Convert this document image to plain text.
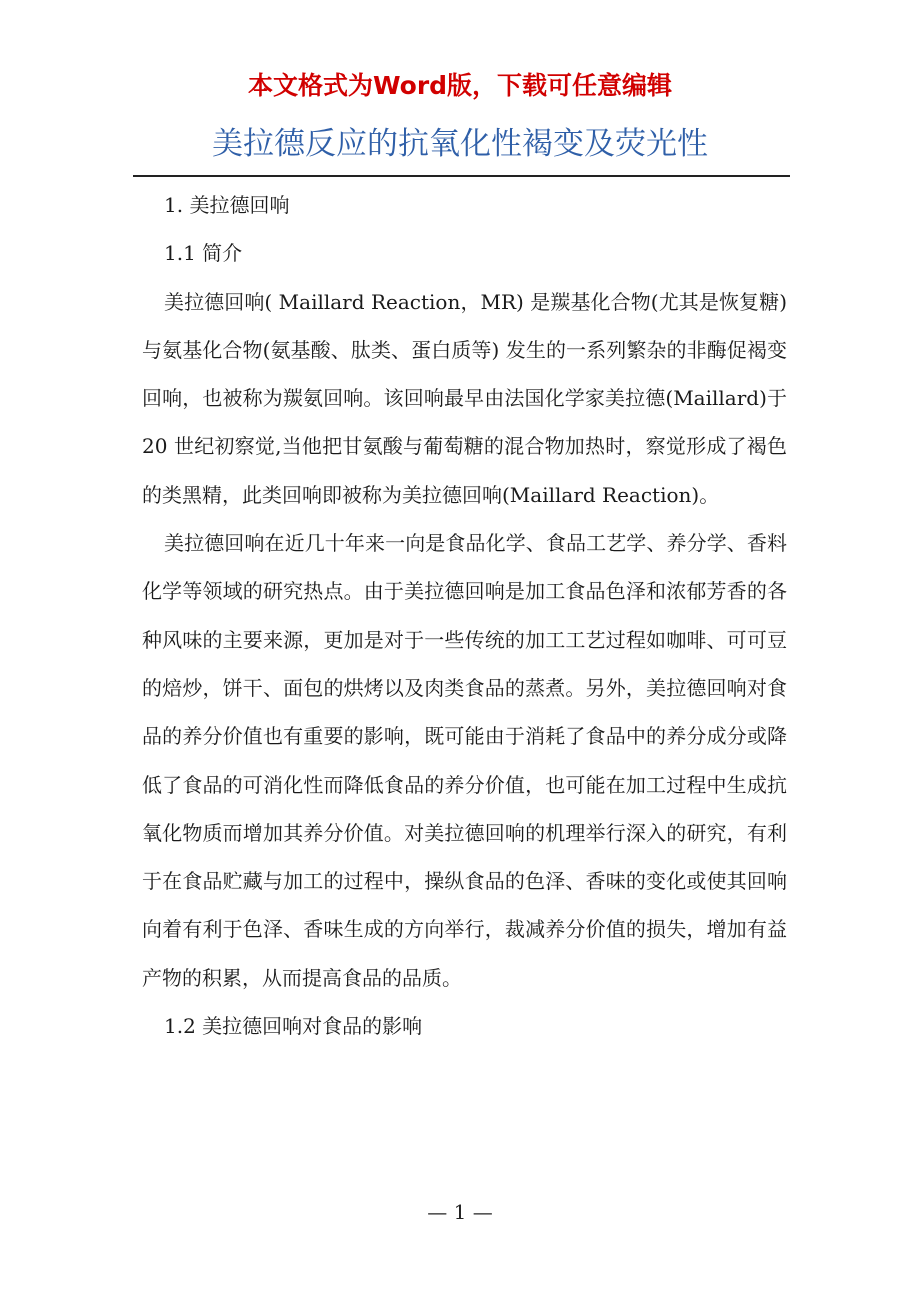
本文格式为Word版，下载可任意编辑
美拉德反应的抗氧化性褐变及荧光性

1. 美拉德回响

1.1 简介

美拉德回响( Maillard Reaction，MR) 是羰基化合物(尤其是恢复糖)与氨基化合物(氨基酸、肽类、蛋白质等) 发生的一系列繁杂的非酶促褐变回响，也被称为羰氨回响。该回响最早由法国化学家美拉德(Maillard)于 20 世纪初察觉,当他把甘氨酸与葡萄糖的混合物加热时，察觉形成了褐色的类黑精，此类回响即被称为美拉德回响(Maillard Reaction)。

美拉德回响在近几十年来一向是食品化学、食品工艺学、养分学、香料化学等领域的研究热点。由于美拉德回响是加工食品色泽和浓郁芳香的各种风味的主要来源，更加是对于一些传统的加工工艺过程如咖啡、可可豆的焙炒，饼干、面包的烘烤以及肉类食品的蒸煮。另外，美拉德回响对食品的养分价值也有重要的影响，既可能由于消耗了食品中的养分成分或降低了食品的可消化性而降低食品的养分价值，也可能在加工过程中生成抗氧化物质而增加其养分价值。对美拉德回响的机理举行深入的研究，有利于在食品贮藏与加工的过程中，操纵食品的色泽、香味的变化或使其回响向着有利于色泽、香味生成的方向举行，裁减养分价值的损失，增加有益产物的积累，从而提高食品的品质。

1.2 美拉德回响对食品的影响

— 1 —
